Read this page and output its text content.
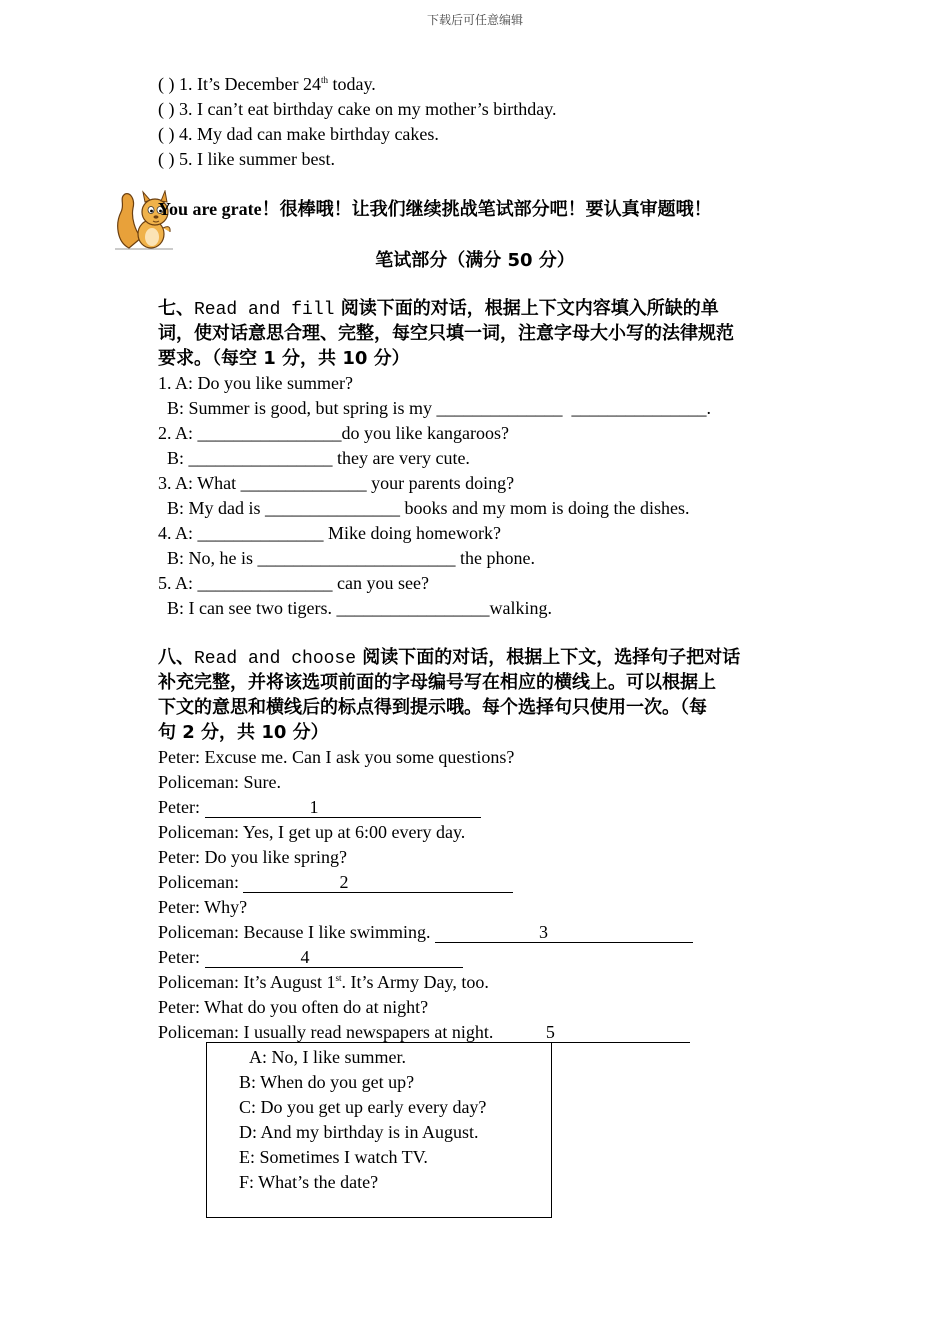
下载后可任意编辑
( ) 1. It’s December 24th today.
( ) 3. I can’t eat birthday cake on my mother’s birthday.
( ) 4. My dad can make birthday cakes.
( ) 5. I like summer best.
You are grate！很棒哦！让我们继续挑战笔试部分吧！要认真审题哦！
笔试部分（满分 50 分）
七、Read and fill 阅读下面的对话，根据上下文内容填入所缺的单
词，使对话意思合理、完整，每空只填一词，注意字母大小写的法律规范
要求。（每空 1 分，共 10 分）
1. A: Do you like summer?
B: Summer is good, but spring is my ______________  _______________.
2. A: ________________do you like kangaroos?
B: ________________ they are very cute.
3. A: What ______________ your parents doing?
B: My dad is _______________ books and my mom is doing the dishes.
4. A: ______________ Mike doing homework?
B: No, he is ______________________ the phone.
5. A: _______________ can you see?
B: I can see two tigers. _________________walking.
八、Read and choose 阅读下面的对话，根据上下文，选择句子把对话
补充完整，并将该选项前面的字母编号写在相应的横线上。可以根据上
下文的意思和横线后的标点得到提示哦。每个选择句只使用一次。（每
句 2 分，共 10 分）
Peter: Excuse me. Can I ask you some questions?
Policeman: Sure.
Peter:	1
Policeman: Yes, I get up at 6:00 every day.
Peter: Do you like spring?
Policeman:	2
Peter: Why?
Policeman: Because I like swimming.	3
Peter:	4
Policeman: It’s August 1st. It’s Army Day, too.
Peter: What do you often do at night?
Policeman: I usually read newspapers at night.	5
A: No, I like summer.
B: When do you get up?
C: Do you get up early every day?
D: And my birthday is in August.
E: Sometimes I watch TV.
F: What’s the date?
